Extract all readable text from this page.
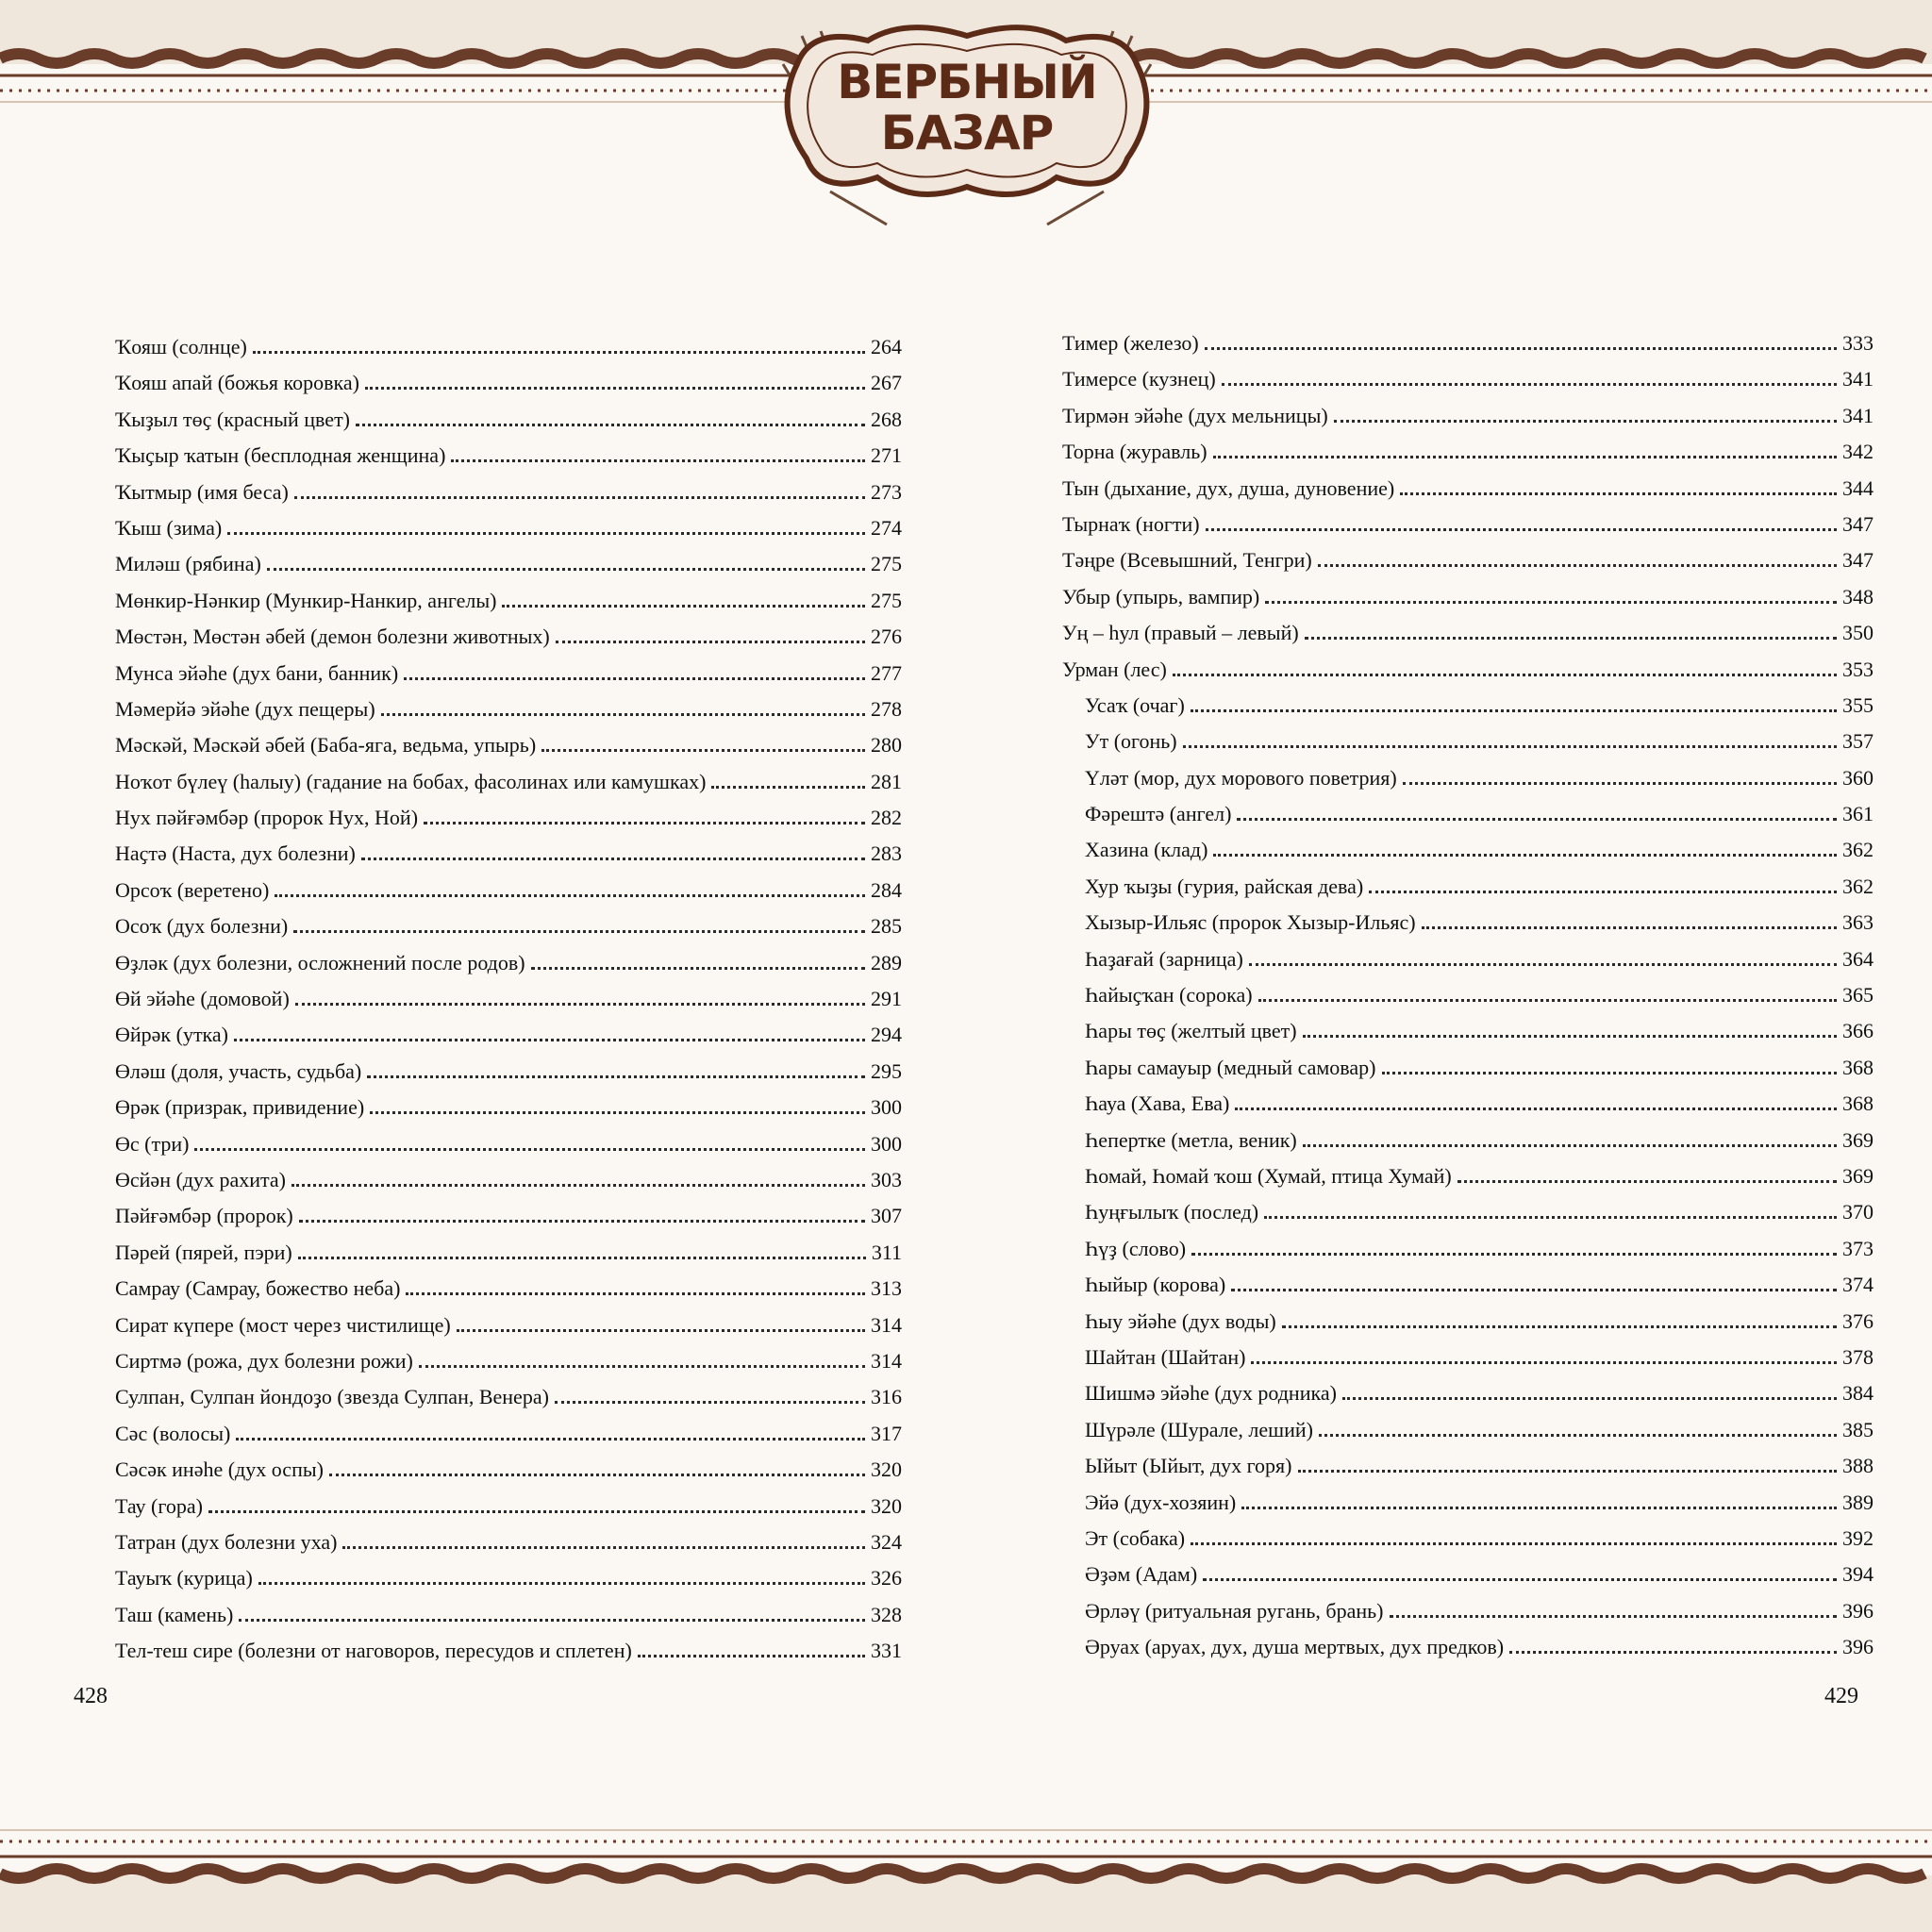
ВЕРБНЫЙ
БАЗАР
Ҡояш (солнце)	264
Ҡояш апай (божья коровка)	267
Ҡыҙыл төҫ (красный цвет)	268
Ҡыҫыр ҡатын (бесплодная женщина)	271
Ҡытмыр (имя беса)	273
Ҡыш (зима)	274
Миләш (рябина)	275
Мөнкир-Нәнкир (Мункир-Нанкир, ангелы)	275
Мөстән, Мөстән әбей (демон болезни животных)	276
Мунса эйәһе (дух бани, банник)	277
Мәмерйә эйәһе (дух пещеры)	278
Мәскәй, Мәскәй әбей (Баба-яга, ведьма, упырь)	280
Ноҡот бүлеү (һалыу) (гадание на бобах, фасолинах или камушках)	281
Нух пәйғәмбәр (пророк Нух, Ной)	282
Наҫтә (Наста, дух болезни)	283
Орсоҡ (веретено)	284
Осоҡ (дух болезни)	285
Өҙләк (дух болезни, осложнений после родов)	289
Өй эйәһе (домовой)	291
Өйрәк (утка)	294
Өләш (доля, участь, судьба)	295
Өрәк (призрак, привидение)	300
Өс (три)	300
Өсйән (дух рахита)	303
Пәйғәмбәр (пророк)	307
Пәрей (пярей, пэри)	311
Самрау (Самрау, божество неба)	313
Сират күпере (мост через чистилище)	314
Сиртмә (рожа, дух болезни рожи)	314
Сулпан, Сулпан йондоҙо (звезда Сулпан, Венера)	316
Сәс (волосы)	317
Сәсәк инәһе (дух оспы)	320
Тау (гора)	320
Татран (дух болезни уха)	324
Тауыҡ (курица)	326
Таш (камень)	328
Тел-теш сире (болезни от наговоров, пересудов и сплетен)	331
428
Тимер (железо)	333
Тимерсе (кузнец)	341
Тирмән эйәһе (дух мельницы)	341
Торна (журавль)	342
Тын (дыхание, дух, душа, дуновение)	344
Тырнаҡ (ногти)	347
Тәңре (Всевышний, Тенгри)	347
Убыр (упырь, вампир)	348
Уң – һул (правый – левый)	350
Урман (лес)	353
Усаҡ (очаг)	355
Ут (огонь)	357
Үләт (мор, дух морового поветрия)	360
Фәрештә (ангел)	361
Хазина (клад)	362
Хур ҡыҙы (гурия, райская дева)	362
Хызыр-Ильяс (пророк Хызыр-Ильяс)	363
Һаҙағай (зарница)	364
Һайыҫҡан (сорока)	365
Һары төҫ (желтый цвет)	366
Һары самауыр (медный самовар)	368
Һауа (Хава, Ева)	368
Һепертке (метла, веник)	369
Һомай, Һомай ҡош (Хумай, птица Хумай)	369
Һуңғылыҡ (послед)	370
Һүҙ (слово)	373
Һыйыр (корова)	374
Һыу эйәһе (дух воды)	376
Шайтан (Шайтан)	378
Шишмә эйәһе (дух родника)	384
Шүрәле (Шурале, леший)	385
Ыйыт (Ыйыт, дух горя)	388
Эйә (дух-хозяин)	389
Эт (собака)	392
Әҙәм (Адам)	394
Әрләү (ритуальная ругань, брань)	396
Әруах (аруах, дух, душа мертвых, дух предков)	396
429
